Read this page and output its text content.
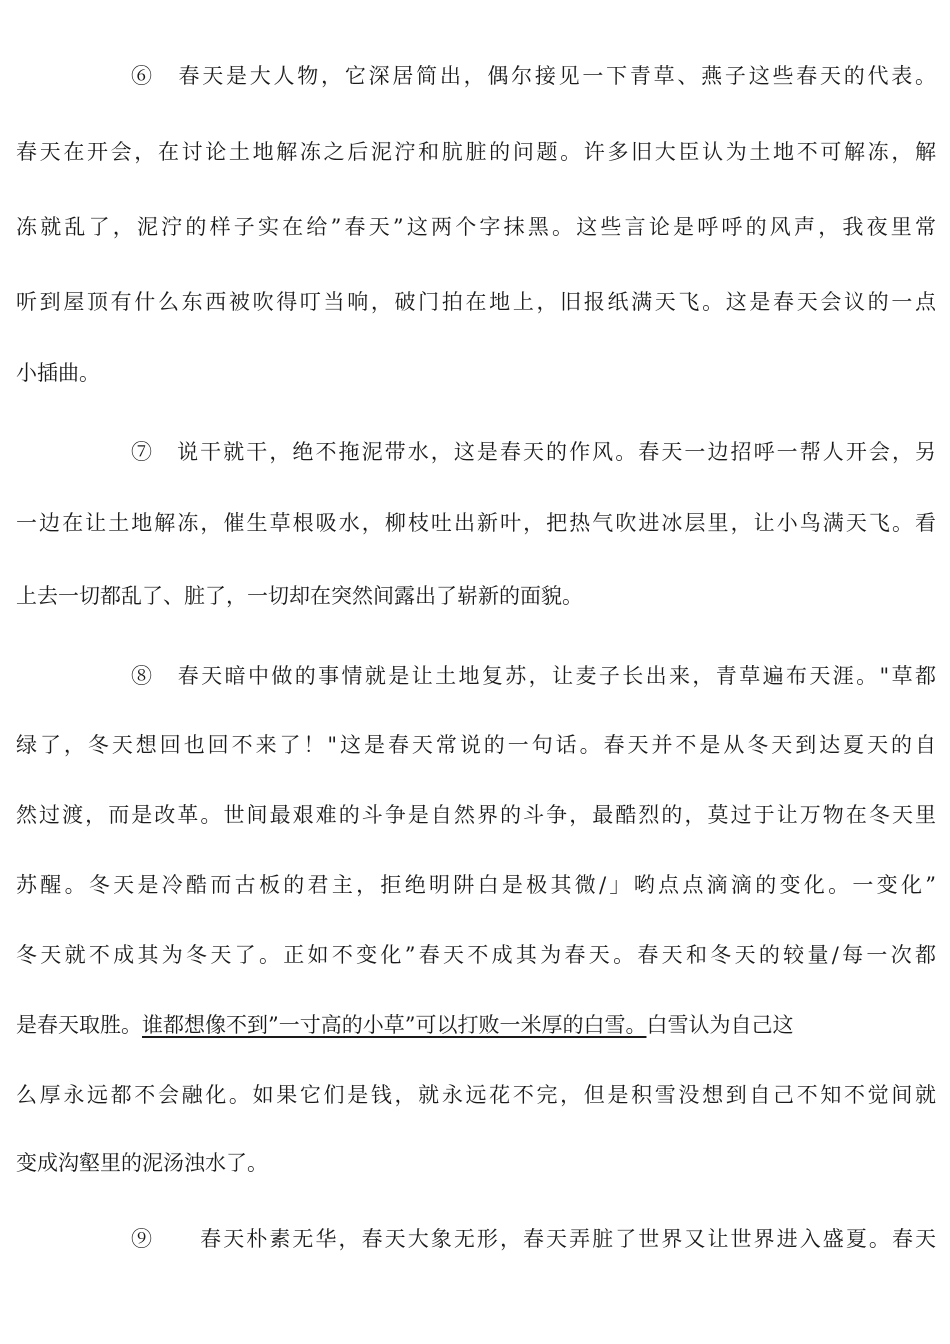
⑥　春天是大人物，它深居简出，偶尔接见一下青草、燕子这些春天的代表。
春天在开会，在讨论土地解冻之后泥泞和肮脏的问题。许多旧大臣认为土地不可解冻，解
冻就乱了，泥泞的样子实在给”春天”这两个字抹黑。这些言论是呼呼的风声，我夜里常
听到屋顶有什么东西被吹得叮当响，破门拍在地上，旧报纸满天飞。这是春天会议的一点
小插曲。
⑦　说干就干，绝不拖泥带水，这是春天的作风。春天一边招呼一帮人开会，另
一边在让土地解冻，催生草根吸水，柳枝吐出新叶，把热气吹进冰层里，让小鸟满天飞。看
上去一切都乱了、脏了，一切却在突然间露出了崭新的面貌。
⑧　春天暗中做的事情就是让土地复苏，让麦子长出来，青草遍布天涯。"草都
绿了，冬天想回也回不来了！"这是春天常说的一句话。春天并不是从冬天到达夏天的自
然过渡，而是改革。世间最艰难的斗争是自然界的斗争，最酷烈的，莫过于让万物在冬天里
苏醒。冬天是冷酷而古板的君主，拒绝明阱白是极其微/」哟点点滴滴的变化。一变化”
冬天就不成其为冬天了。正如不变化”春天不成其为春天。春天和冬天的较量/每一次都
是春天取胜。谁都想像不到”一寸高的小草”可以打败一米厚的白雪。白雪认为自己这
么厚永远都不会融化。如果它们是钱，就永远花不完，但是积雪没想到自己不知不觉间就
变成沟壑里的泥汤浊水了。
⑨　　春天朴素无华，春天大象无形，春天弄脏了世界又让世界进入盛夏。春天
